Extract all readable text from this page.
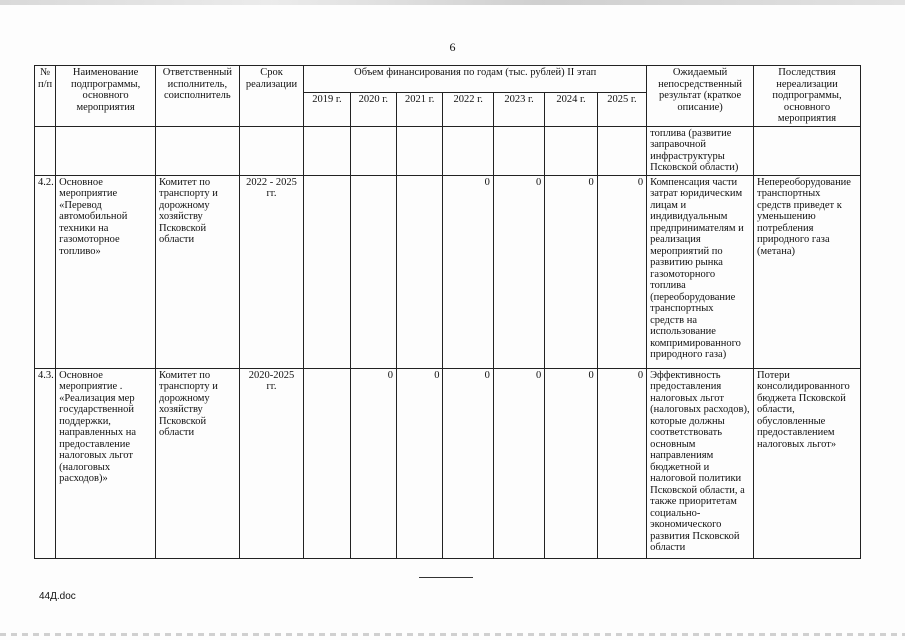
6
№ п/п	Наименование подпрограммы, основного мероприятия	Ответственный исполнитель, соисполнитель	Срок реализации	Объем финансирования по годам (тыс. рублей) II этап							Ожидаемый непосредственный результат (краткое описание)	Последствия нереализации подпрограммы, основного мероприятия
				2019 г.	2020 г.	2021 г.	2022 г.	2023 г.	2024 г.	2025 г.		
											топлива (развитие заправочной инфраструктуры Псковской области)	
4.2.	Основное мероприятие «Перевод автомобильной техники на газомоторное топливо»	Комитет по транспорту и дорожному хозяйству Псковской области	2022 - 2025 гг.				0	0	0	0	Компенсация части затрат юридическим лицам и индивидуальным предпринимателям и реализация мероприятий по развитию рынка газомоторного топлива (переоборудование транспортных средств на использование компримированного природного газа)	Непереоборудование транспортных средств приведет к уменьшению потребления природного газа (метана)
4.3.	Основное мероприятие . «Реализация мер государственной поддержки, направленных на предоставление налоговых льгот (налоговых расходов)»	Комитет по транспорту и дорожному хозяйству Псковской области	2020-2025 гг.		0	0	0	0	0	0	Эффективность предоставления налоговых льгот (налоговых расходов), которые должны соответствовать основным направлениям бюджетной и налоговой политики Псковской области, а также приоритетам социально-экономического развития Псковской области	Потери консолидированного бюджета Псковской области, обусловленные предоставлением налоговых льгот»
44Д.doc
